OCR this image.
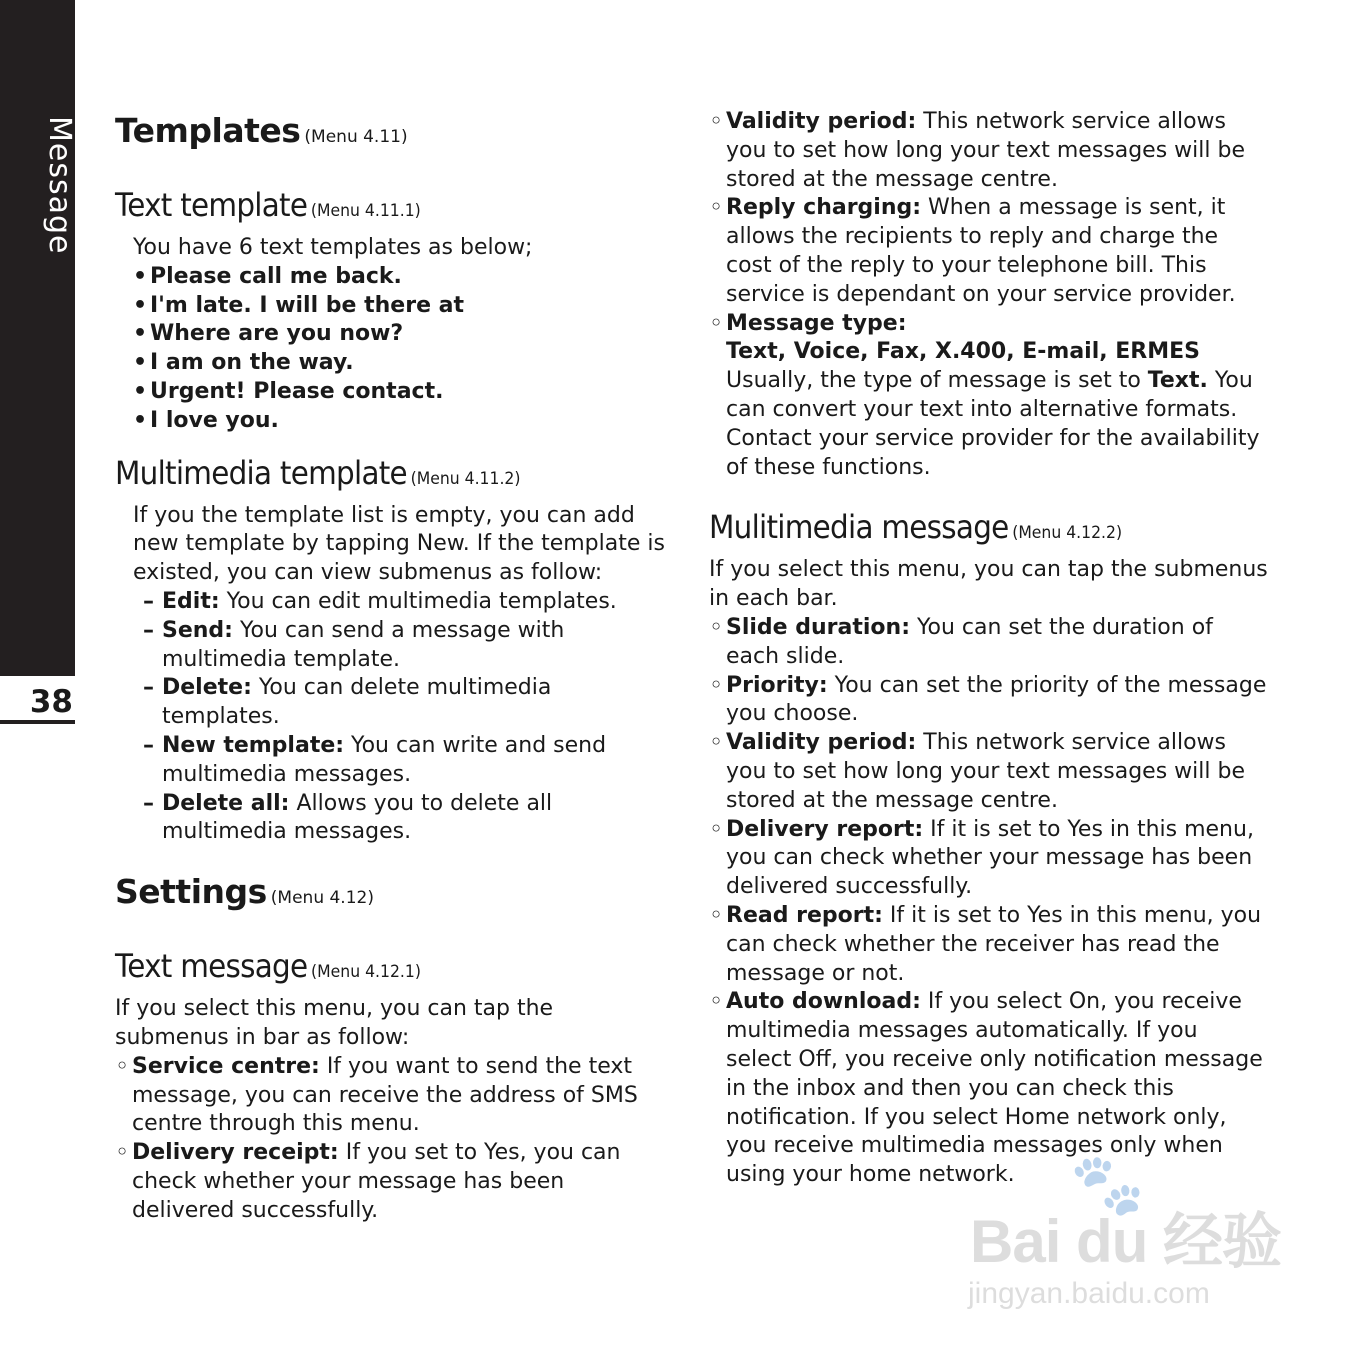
Message
38
Templates (Menu 4.11)
Text template (Menu 4.11.1)

You have 6 text templates as below;

• Please call me back.
• I'm late. I will be there at
• Where are you now?
• I am on the way.
• Urgent! Please contact.
• I love you.
Multimedia template (Menu 4.11.2)

If you the template list is empty, you can add new template by tapping New. If the template is existed, you can view submenus as follow:

– Edit: You can edit multimedia templates.
– Send: You can send a message with multimedia template.
– Delete: You can delete multimedia templates.
– New template: You can write and send multimedia messages.
– Delete all: Allows you to delete all multimedia messages.
Settings (Menu 4.12)
Text message (Menu 4.12.1)

If you select this menu, you can tap the submenus in bar as follow:

◦ Service centre: If you want to send the text message, you can receive the address of SMS centre through this menu.
◦ Delivery receipt: If you set to Yes, you can check whether your message has been delivered successfully.
◦ Validity period: This network service allows you to set how long your text messages will be stored at the message centre.
◦ Reply charging: When a message is sent, it allows the recipients to reply and charge the cost of the reply to your telephone bill. This service is dependant on your service provider.
◦ Message type:
Text, Voice, Fax, X.400, E-mail, ERMES
Usually, the type of message is set to Text. You can convert your text into alternative formats. Contact your service provider for the availability of these functions.
Mulitimedia message (Menu 4.12.2)

If you select this menu, you can tap the submenus in each bar.

◦ Slide duration: You can set the duration of each slide.
◦ Priority: You can set the priority of the message you choose.
◦ Validity period: This network service allows you to set how long your text messages will be stored at the message centre.
◦ Delivery report: If it is set to Yes in this menu, you can check whether your message has been delivered successfully.
◦ Read report: If it is set to Yes in this menu, you can check whether the receiver has read the message or not.
◦ Auto download: If you select On, you receive multimedia messages automatically. If you select Off, you receive only notification message in the inbox and then you can check this notification. If you select Home network only, you receive multimedia messages only when using your home network. 🐾
Bai du 经验
jingyan.baidu.com
